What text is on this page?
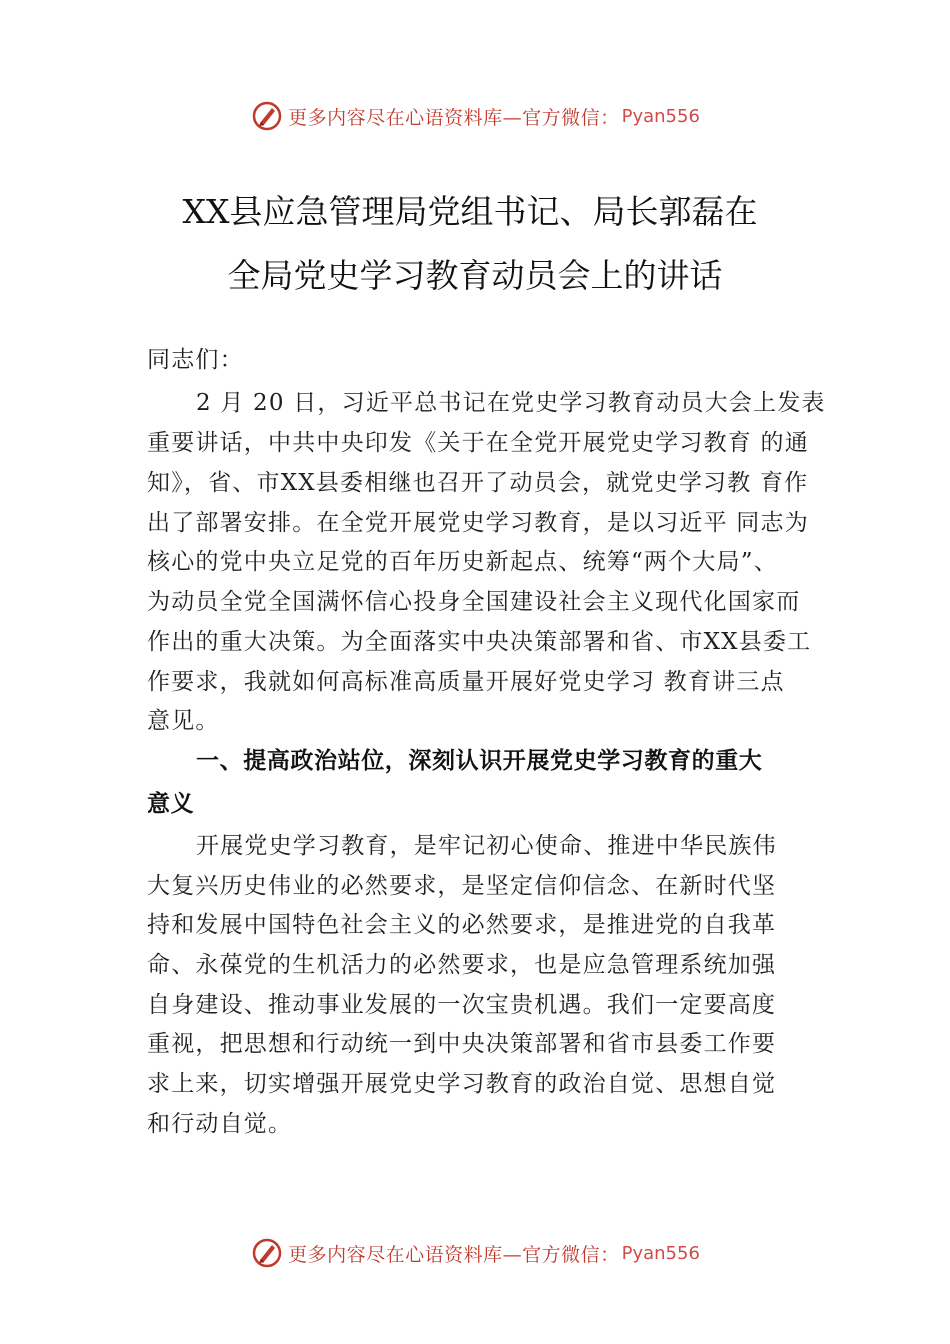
更多内容尽在心语资料库—官方微信： Pyan556
XX县应急管理局党组书记、局长郭磊在
全局党史学习教育动员会上的讲话
同志们：
2 月 20 日，习近平总书记在党史学习教育动员大会上发表
重要讲话，中共中央印发《关于在全党开展党史学习教育 的通
知》，省、市XX县委相继也召开了动员会，就党史学习教 育作
出了部署安排。在全党开展党史学习教育，是以习近平 同志为
核心的党中央立足党的百年历史新起点、统筹“两个大局”、
为动员全党全国满怀信心投身全国建设社会主义现代化国家而
作出的重大决策。为全面落实中央决策部署和省、市XX县委工
作要求，我就如何高标准高质量开展好党史学习 教育讲三点
意见。
一、提高政治站位，深刻认识开展党史学习教育的重大
意义
开展党史学习教育，是牢记初心使命、推进中华民族伟
大复兴历史伟业的必然要求，是坚定信仰信念、在新时代坚
持和发展中国特色社会主义的必然要求，是推进党的自我革
命、永葆党的生机活力的必然要求，也是应急管理系统加强
自身建设、推动事业发展的一次宝贵机遇。我们一定要高度
重视，把思想和行动统一到中央决策部署和省市县委工作要
求上来，切实增强开展党史学习教育的政治自觉、思想自觉
和行动自觉。
更多内容尽在心语资料库—官方微信： Pyan556
